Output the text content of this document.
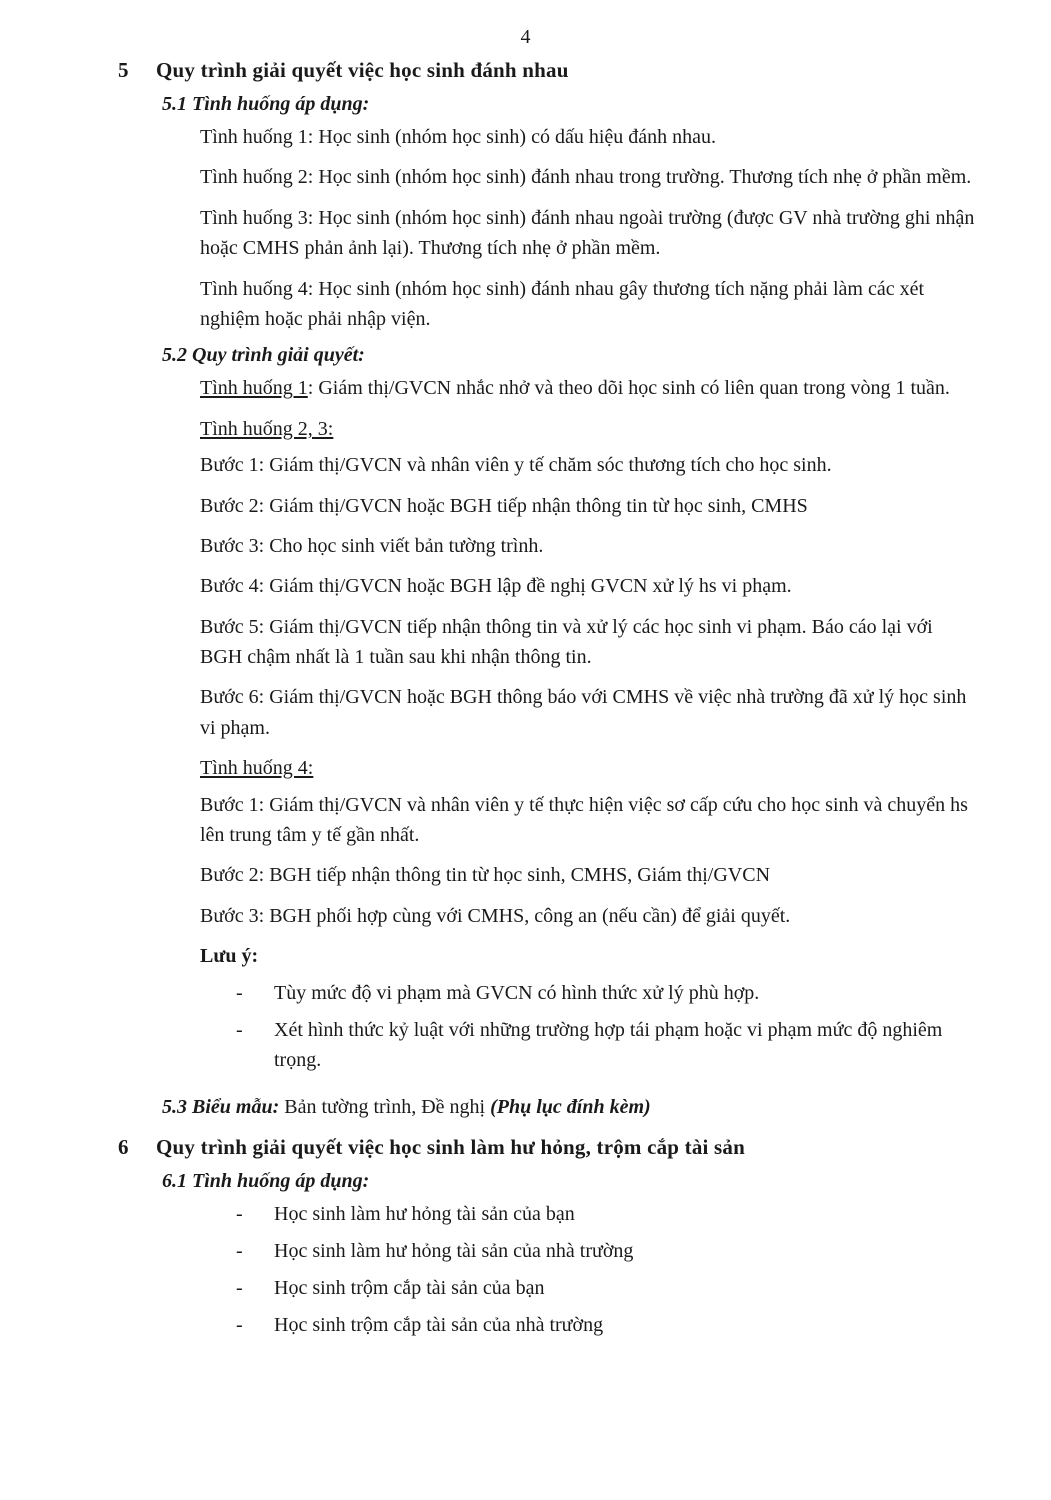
4
5	Quy trình giải quyết việc học sinh đánh nhau
5.1 Tình huống áp dụng:

Tình huống 1: Học sinh (nhóm học sinh) có dấu hiệu đánh nhau.

Tình huống 2: Học sinh (nhóm học sinh) đánh nhau trong trường. Thương tích nhẹ ở phần mềm.

Tình huống 3: Học sinh (nhóm học sinh) đánh nhau ngoài trường (được GV nhà trường ghi nhận hoặc CMHS phản ảnh lại). Thương tích nhẹ ở phần mềm.

Tình huống 4: Học sinh (nhóm học sinh) đánh nhau gây thương tích nặng phải làm các xét nghiệm hoặc phải nhập viện.

5.2 Quy trình giải quyết:

Tình huống 1: Giám thị/GVCN nhắc nhở và theo dõi học sinh có liên quan trong vòng 1 tuần.

Tình huống 2, 3:

Bước 1: Giám thị/GVCN và nhân viên y tế chăm sóc thương tích cho học sinh.

Bước 2: Giám thị/GVCN hoặc BGH tiếp nhận thông tin từ học sinh, CMHS

Bước 3: Cho học sinh viết bản tường trình.

Bước 4: Giám thị/GVCN hoặc BGH lập đề nghị GVCN xử lý hs vi phạm.

Bước 5: Giám thị/GVCN tiếp nhận thông tin và xử lý các học sinh vi phạm. Báo cáo lại với BGH chậm nhất là 1 tuần sau khi nhận thông tin.

Bước 6: Giám thị/GVCN hoặc BGH thông báo với CMHS về việc nhà trường đã xử lý học sinh vi phạm.

Tình huống 4:

Bước 1: Giám thị/GVCN và nhân viên y tế thực hiện việc sơ cấp cứu cho học sinh và chuyển hs lên trung tâm y tế gần nhất.

Bước 2: BGH tiếp nhận thông tin từ học sinh, CMHS, Giám thị/GVCN

Bước 3: BGH phối hợp cùng với CMHS, công an (nếu cần) để giải quyết.

Lưu ý:

-	Tùy mức độ vi phạm mà GVCN có hình thức xử lý phù hợp.
-	Xét hình thức kỷ luật với những trường hợp tái phạm hoặc vi phạm mức độ nghiêm trọng.
5.3 Biểu mẫu: Bản tường trình, Đề nghị (Phụ lục đính kèm)
6	Quy trình giải quyết việc học sinh làm hư hỏng, trộm cắp tài sản
6.1 Tình huống áp dụng:
-	Học sinh làm hư hỏng tài sản của bạn
-	Học sinh làm hư hỏng tài sản của nhà trường
-	Học sinh trộm cắp tài sản của bạn
-	Học sinh trộm cắp tài sản của nhà trường
